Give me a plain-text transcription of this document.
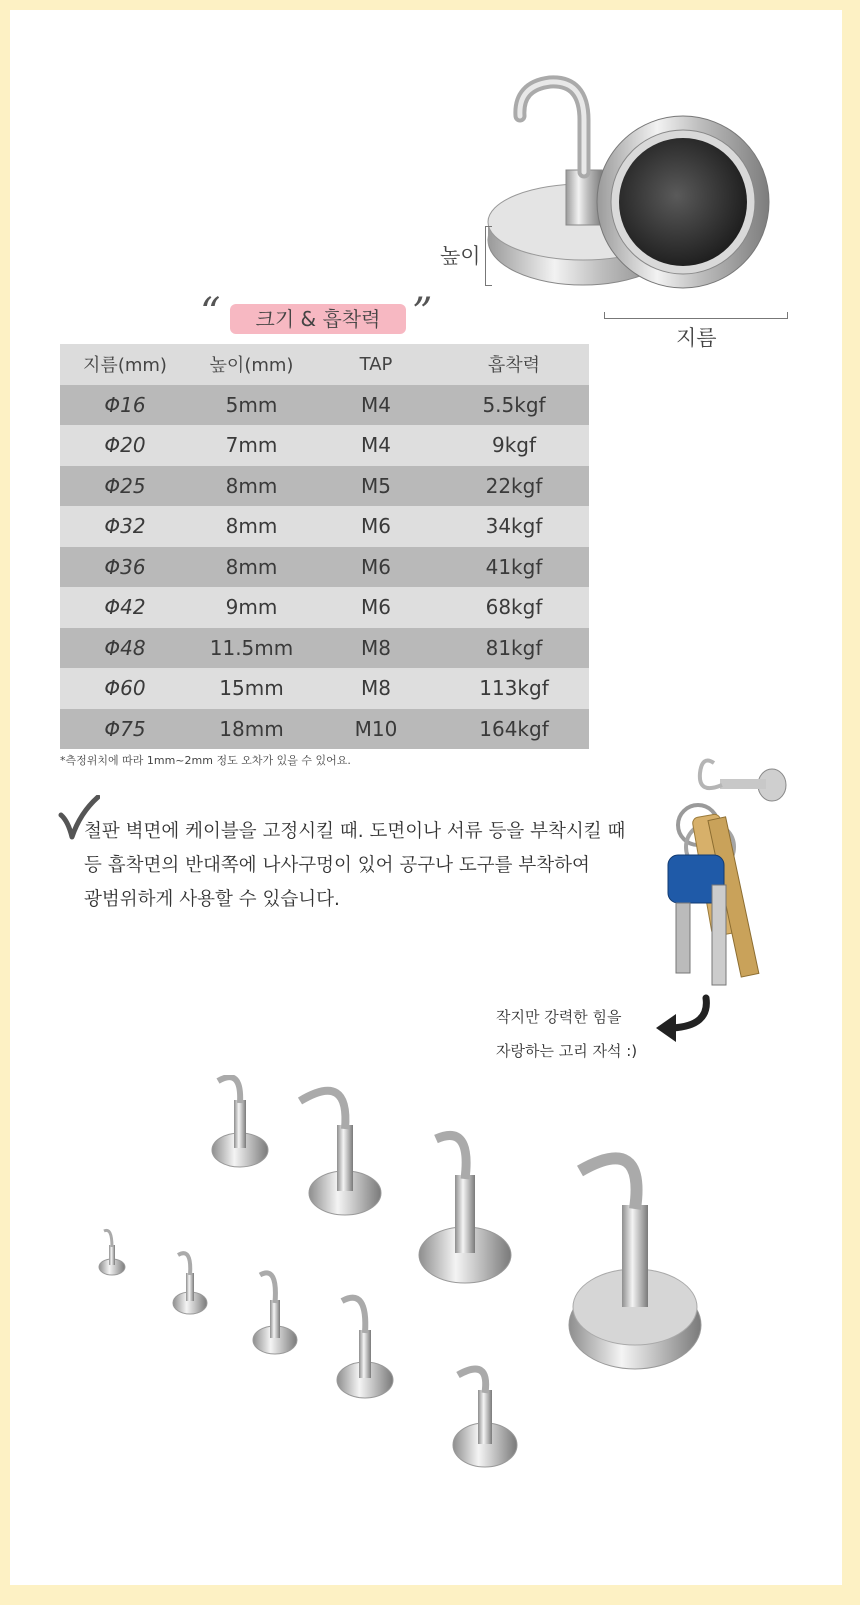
높이
지름
“	크기 & 흡착력 ”
지름(mm)	높이(mm)	TAP	흡착력
Φ16	5mm	M4	5.5kgf
Φ20	7mm	M4	9kgf
Φ25	8mm	M5	22kgf
Φ32	8mm	M6	34kgf
Φ36	8mm	M6	41kgf
Φ42	9mm	M6	68kgf
Φ48	11.5mm	M8	81kgf
Φ60	15mm	M8	113kgf
Φ75	18mm	M10	164kgf
*측정위치에 따라 1mm~2mm 정도 오차가 있을 수 있어요.

철판 벽면에 케이블을 고정시킬 때. 도면이나 서류 등을 부착시킬 때

등 흡착면의 반대쪽에 나사구멍이 있어 공구나 도구를 부착하여

광범위하게 사용할 수 있습니다.

작지만 강력한 힘을

자랑하는 고리 자석 :)
